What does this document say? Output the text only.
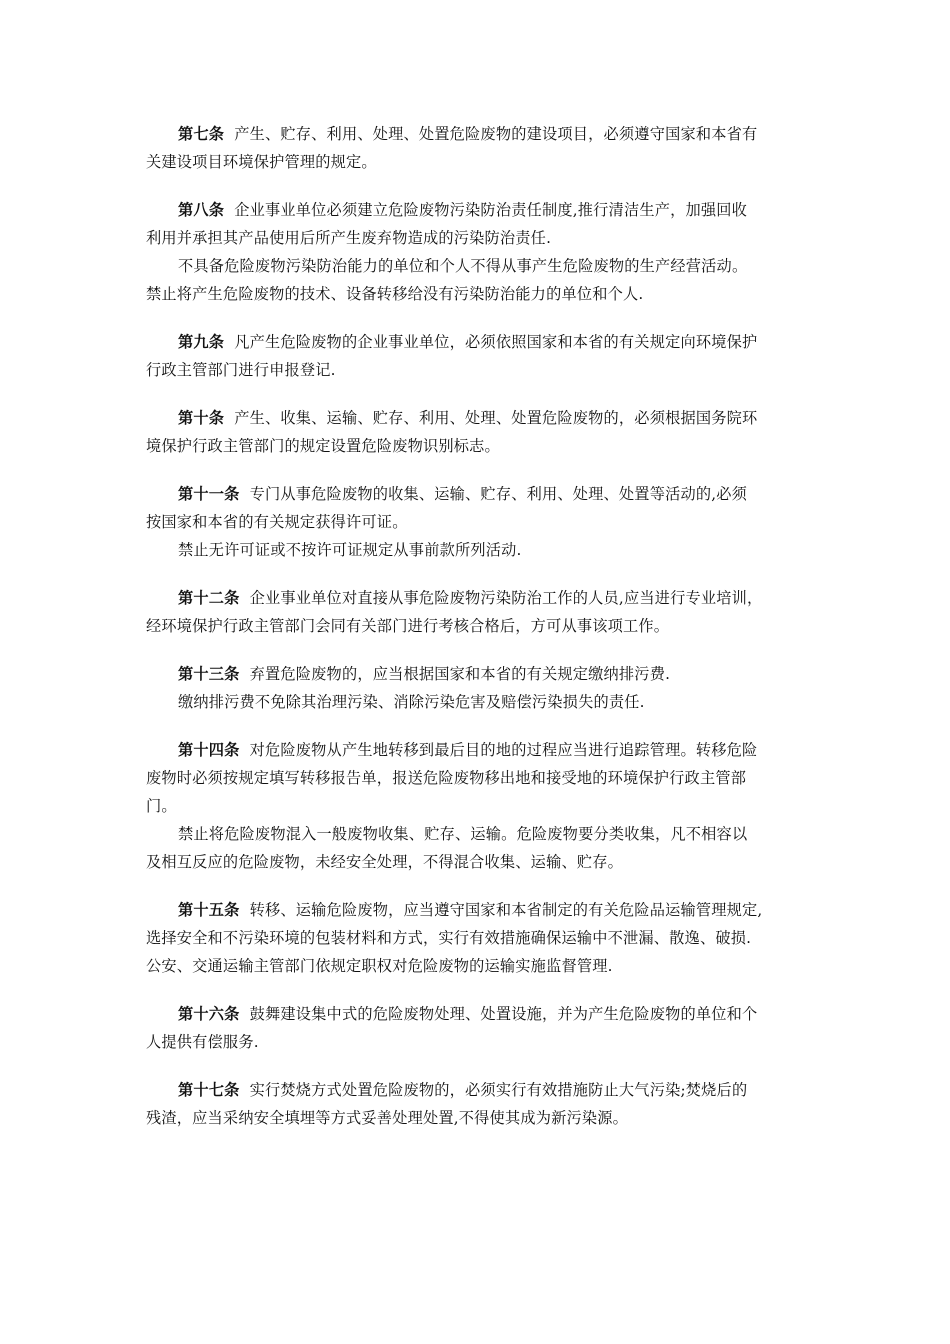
第七条  产生、贮存、利用、处理、处置危险废物的建设项目，必须遵守国家和本省有
关建设项目环境保护管理的规定。
第八条  企业事业单位必须建立危险废物污染防治责任制度,推行清洁生产，加强回收
利用并承担其产品使用后所产生废弃物造成的污染防治责任.
不具备危险废物污染防治能力的单位和个人不得从事产生危险废物的生产经营活动。
禁止将产生危险废物的技术、设备转移给没有污染防治能力的单位和个人.
第九条  凡产生危险废物的企业事业单位，必须依照国家和本省的有关规定向环境保护
行政主管部门进行申报登记.
第十条  产生、收集、运输、贮存、利用、处理、处置危险废物的，必须根据国务院环
境保护行政主管部门的规定设置危险废物识别标志。
第十一条  专门从事危险废物的收集、运输、贮存、利用、处理、处置等活动的,必须
按国家和本省的有关规定获得许可证。
禁止无许可证或不按许可证规定从事前款所列活动.
第十二条  企业事业单位对直接从事危险废物污染防治工作的人员,应当进行专业培训，
经环境保护行政主管部门会同有关部门进行考核合格后，方可从事该项工作。
第十三条  弃置危险废物的，应当根据国家和本省的有关规定缴纳排污费.
缴纳排污费不免除其治理污染、消除污染危害及赔偿污染损失的责任.
第十四条  对危险废物从产生地转移到最后目的地的过程应当进行追踪管理。转移危险
废物时必须按规定填写转移报告单，报送危险废物移出地和接受地的环境保护行政主管部
门。
禁止将危险废物混入一般废物收集、贮存、运输。危险废物要分类收集，凡不相容以
及相互反应的危险废物，未经安全处理，不得混合收集、运输、贮存。
第十五条  转移、运输危险废物，应当遵守国家和本省制定的有关危险品运输管理规定,
选择安全和不污染环境的包装材料和方式，实行有效措施确保运输中不泄漏、散逸、破损.
公安、交通运输主管部门依规定职权对危险废物的运输实施监督管理.
第十六条  鼓舞建设集中式的危险废物处理、处置设施，并为产生危险废物的单位和个
人提供有偿服务.
第十七条  实行焚烧方式处置危险废物的，必须实行有效措施防止大气污染;焚烧后的
残渣，应当采纳安全填埋等方式妥善处理处置,不得使其成为新污染源。
